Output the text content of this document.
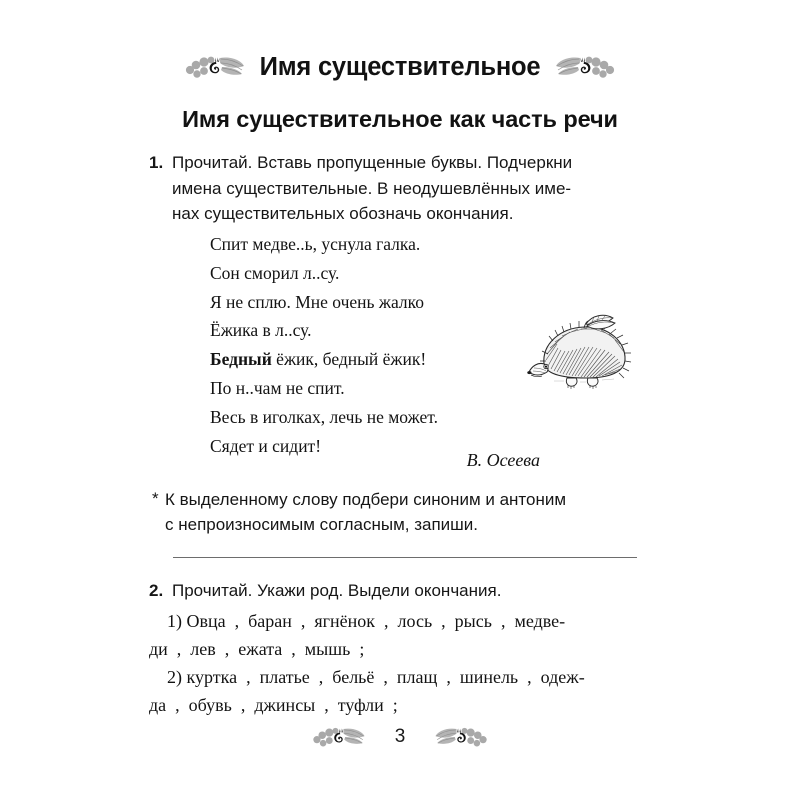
Имя существительное
Имя существительное как часть речи
1. Прочитай. Вставь пропущенные буквы. Подчеркни
имена существительные. В неодушевлённых име-
нах существительных обозначь окончания.
Спит медве..ь, уснула галка.
Сон сморил л..су.
Я не сплю. Мне очень жалко
Ёжика в л..су.
Бедный ёжик, бедный ёжик!
По н..чам не спит.
Весь в иголках, лечь не может.
Сядет и сидит!
В. Осеева
* К выделенному слову подбери синоним и антоним
с непроизносимым согласным, запиши.
2. Прочитай. Укажи род. Выдели окончания.
1) Овца  ,  баран  ,  ягнёнок  ,  лось  ,  рысь  ,  медве-
ди  ,  лев  ,  ежата  ,  мышь  ;
2) куртка  ,  платье  ,  бельё  ,  плащ  ,  шинель  ,  одеж-
да  ,  обувь  ,  джинсы  ,  туфли  ;
3
